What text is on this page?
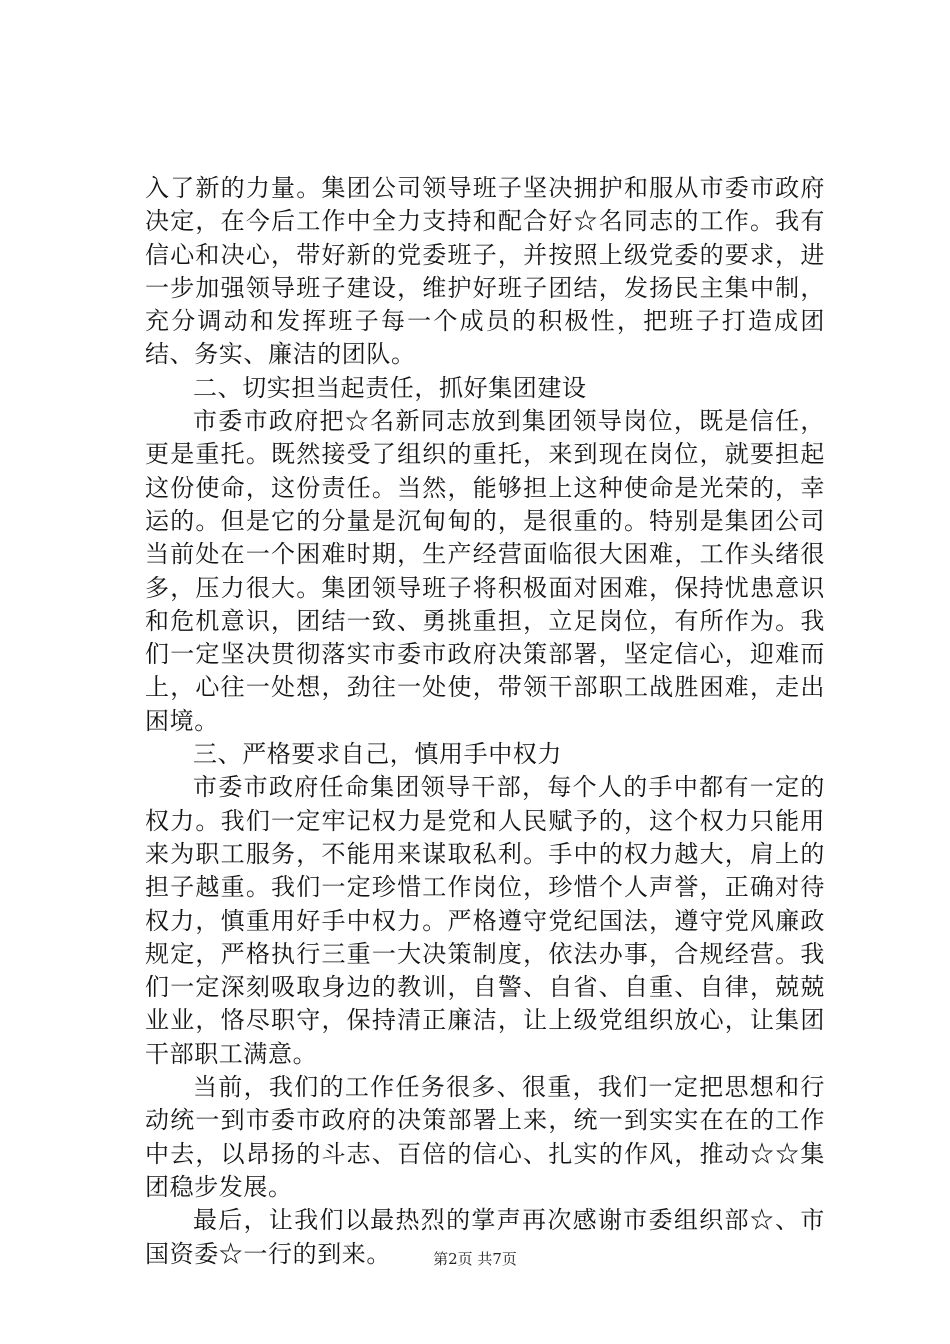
入了新的力量。集团公司领导班子坚决拥护和服从市委市政府决定，在今后工作中全力支持和配合好☆名同志的工作。我有信心和决心，带好新的党委班子，并按照上级党委的要求，进一步加强领导班子建设，维护好班子团结，发扬民主集中制，充分调动和发挥班子每一个成员的积极性，把班子打造成团结、务实、廉洁的团队。

二、切实担当起责任，抓好集团建设

市委市政府把☆名新同志放到集团领导岗位，既是信任，更是重托。既然接受了组织的重托，来到现在岗位，就要担起这份使命，这份责任。当然，能够担上这种使命是光荣的，幸运的。但是它的分量是沉甸甸的，是很重的。特别是集团公司当前处在一个困难时期，生产经营面临很大困难，工作头绪很多，压力很大。集团领导班子将积极面对困难，保持忧患意识和危机意识，团结一致、勇挑重担，立足岗位，有所作为。我们一定坚决贯彻落实市委市政府决策部署，坚定信心，迎难而上，心往一处想，劲往一处使，带领干部职工战胜困难，走出困境。

三、严格要求自己，慎用手中权力

市委市政府任命集团领导干部，每个人的手中都有一定的权力。我们一定牢记权力是党和人民赋予的，这个权力只能用来为职工服务，不能用来谋取私利。手中的权力越大，肩上的担子越重。我们一定珍惜工作岗位，珍惜个人声誉，正确对待权力，慎重用好手中权力。严格遵守党纪国法，遵守党风廉政规定，严格执行三重一大决策制度，依法办事，合规经营。我们一定深刻吸取身边的教训，自警、自省、自重、自律，兢兢业业，恪尽职守，保持清正廉洁，让上级党组织放心，让集团干部职工满意。

当前，我们的工作任务很多、很重，我们一定把思想和行动统一到市委市政府的决策部署上来，统一到实实在在的工作中去，以昂扬的斗志、百倍的信心、扎实的作风，推动☆☆集团稳步发展。

最后，让我们以最热烈的掌声再次感谢市委组织部☆、市国资委☆一行的到来。	第2页 共7页
